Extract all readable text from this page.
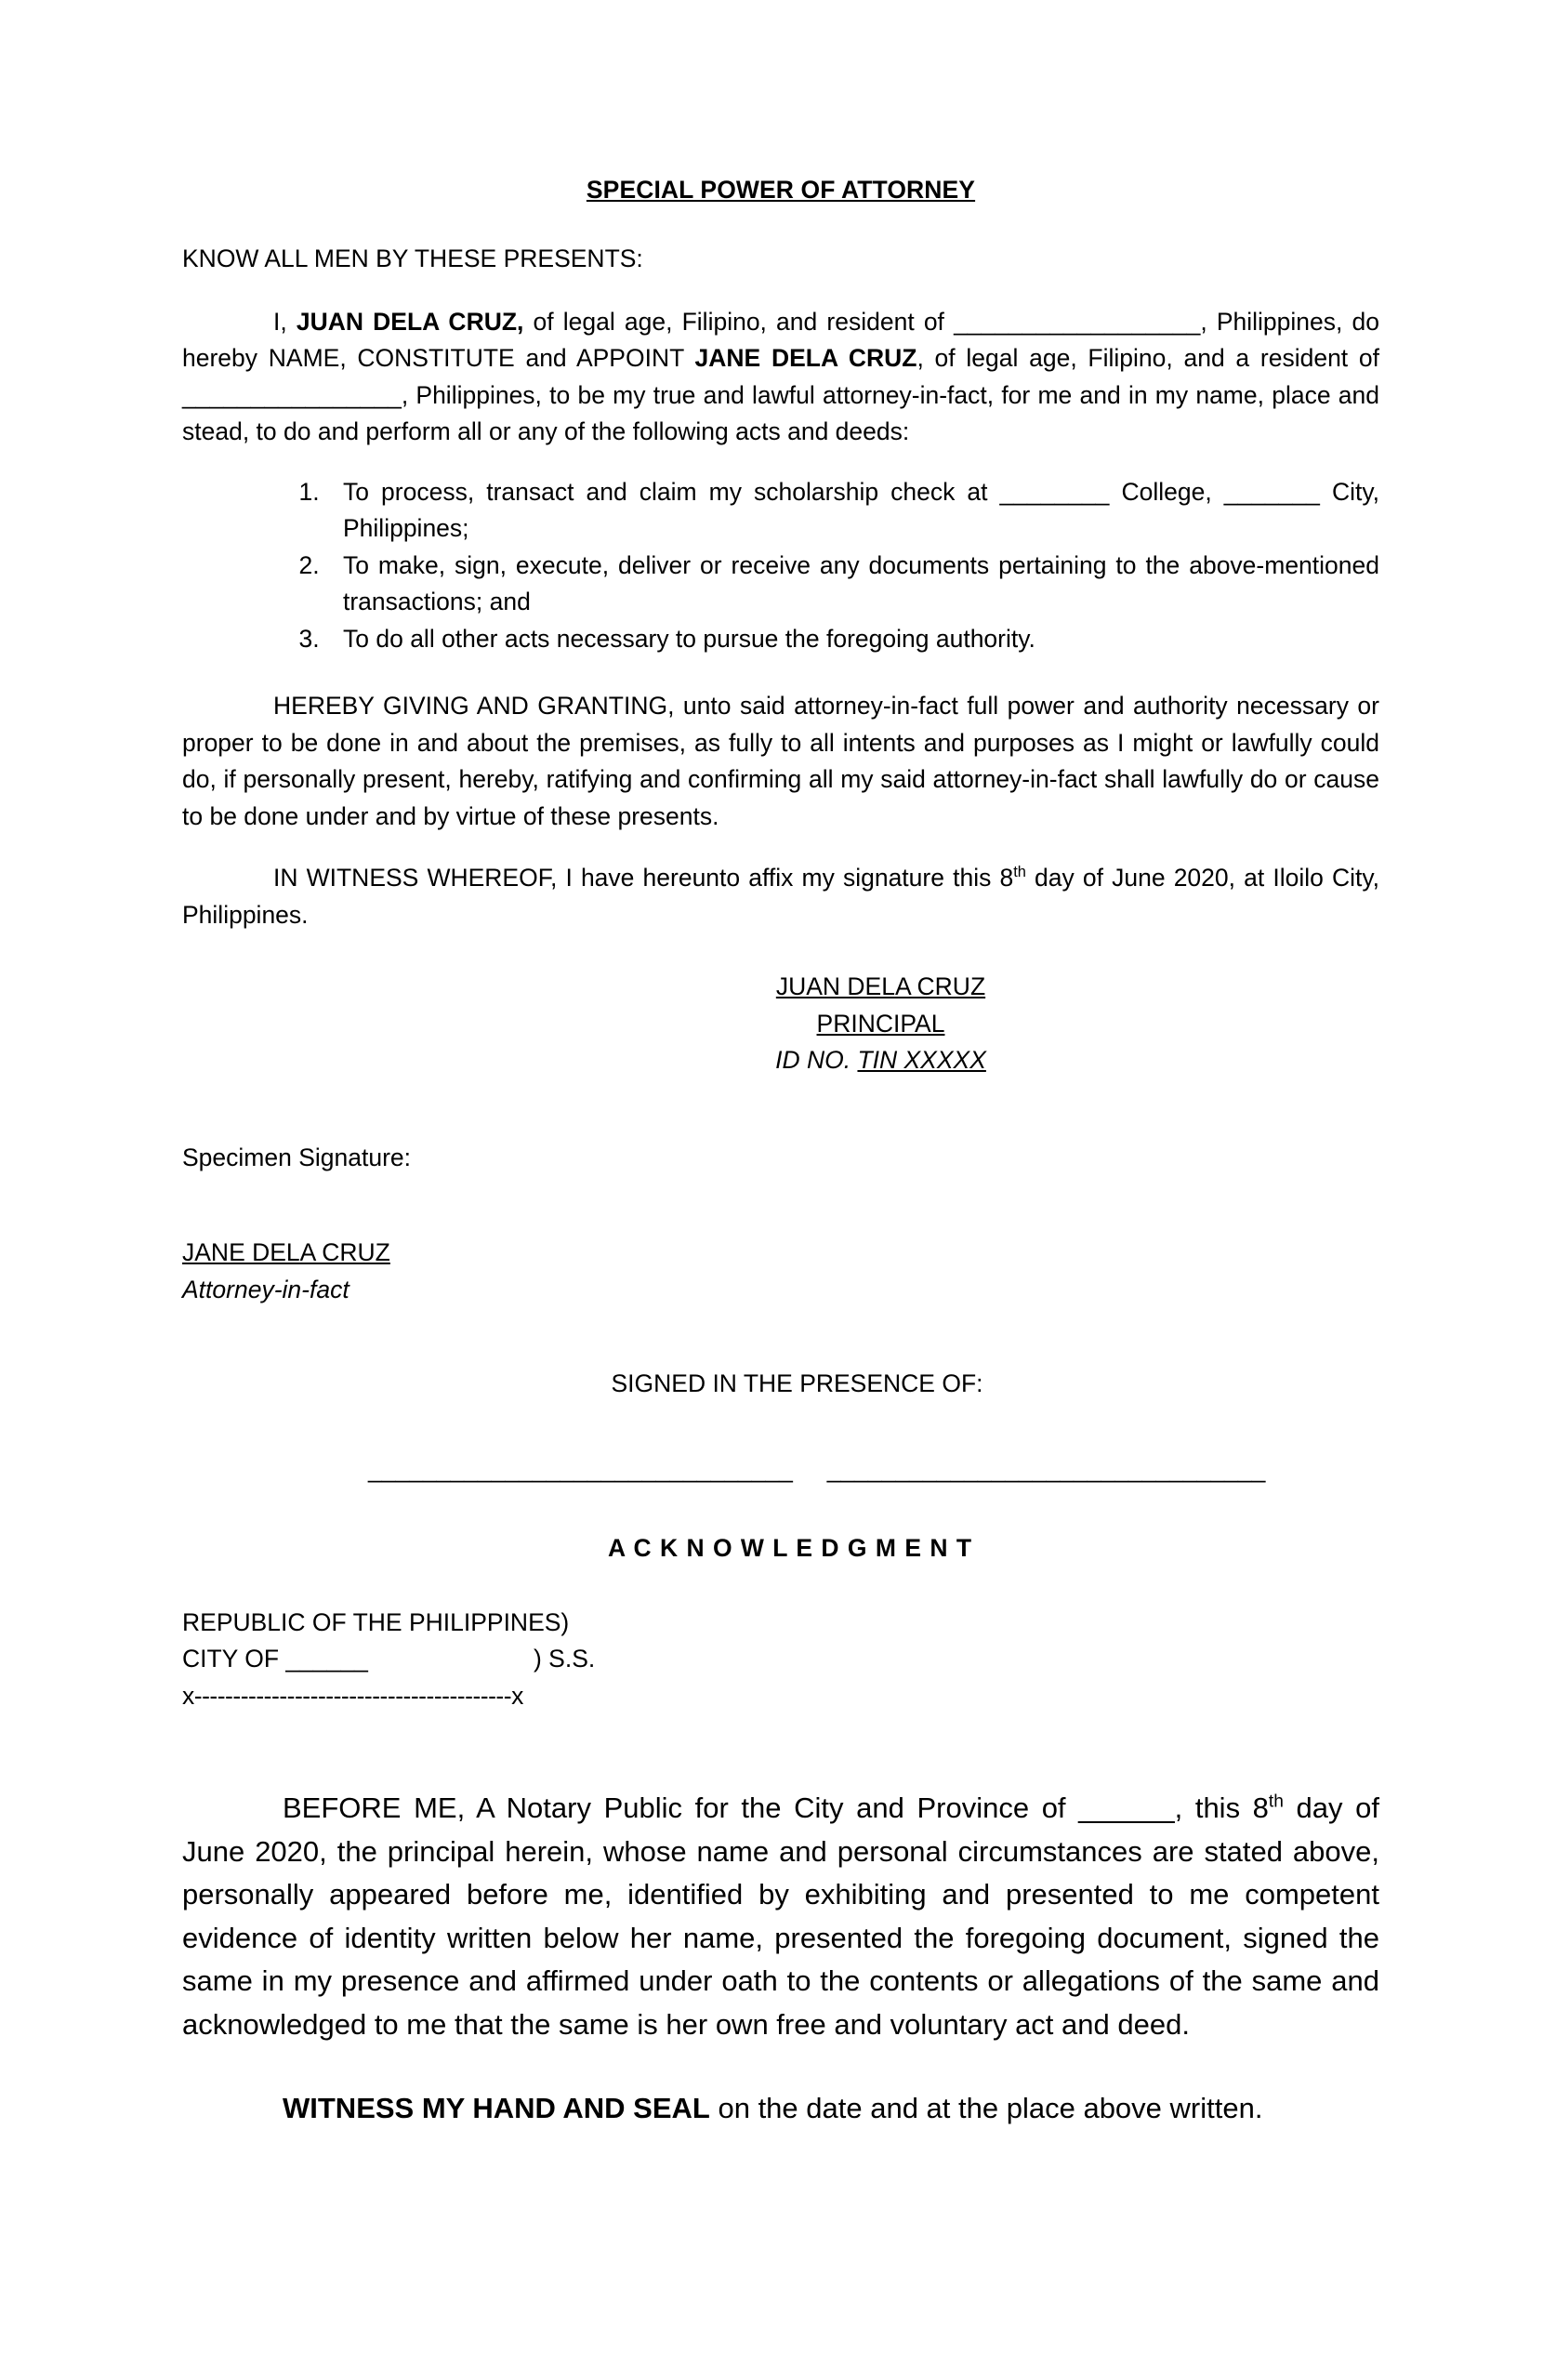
SPECIAL POWER OF ATTORNEY

KNOW ALL MEN BY THESE PRESENTS:

I, JUAN DELA CRUZ, of legal age, Filipino, and resident of __________________, Philippines, do hereby NAME, CONSTITUTE and APPOINT JANE DELA CRUZ, of legal age, Filipino, and a resident of ________________, Philippines, to be my true and lawful attorney-in-fact, for me and in my name, place and stead, to do and perform all or any of the following acts and deeds:

1. To process, transact and claim my scholarship check at ________ College, _______ City, Philippines;
2. To make, sign, execute, deliver or receive any documents pertaining to the above-mentioned transactions; and
3. To do all other acts necessary to pursue the foregoing authority.

HEREBY GIVING AND GRANTING, unto said attorney-in-fact full power and authority necessary or proper to be done in and about the premises, as fully to all intents and purposes as I might or lawfully could do, if personally present, hereby, ratifying and confirming all my said attorney-in-fact shall lawfully do or cause to be done under and by virtue of these presents.

IN WITNESS WHEREOF, I have hereunto affix my signature this 8th day of June 2020, at Iloilo City, Philippines.

JUAN DELA CRUZ
PRINCIPAL
ID NO. TIN XXXXX

Specimen Signature:

JANE DELA CRUZ

Attorney-in-fact

SIGNED IN THE PRESENCE OF:

_______________________________     ________________________________

A C K N O W L E D G M E N T

REPUBLIC OF THE PHILIPPINES)

CITY OF ______	) S.S.

x-----------------------------------------x

BEFORE ME, A Notary Public for the City and Province of ______, this 8th day of June 2020, the principal herein, whose name and personal circumstances are stated above, personally appeared before me, identified by exhibiting and presented to me competent evidence of identity written below her name, presented the foregoing document, signed the same in my presence and affirmed under oath to the contents or allegations of the same and acknowledged to me that the same is her own free and voluntary act and deed.

WITNESS MY HAND AND SEAL on the date and at the place above written.
